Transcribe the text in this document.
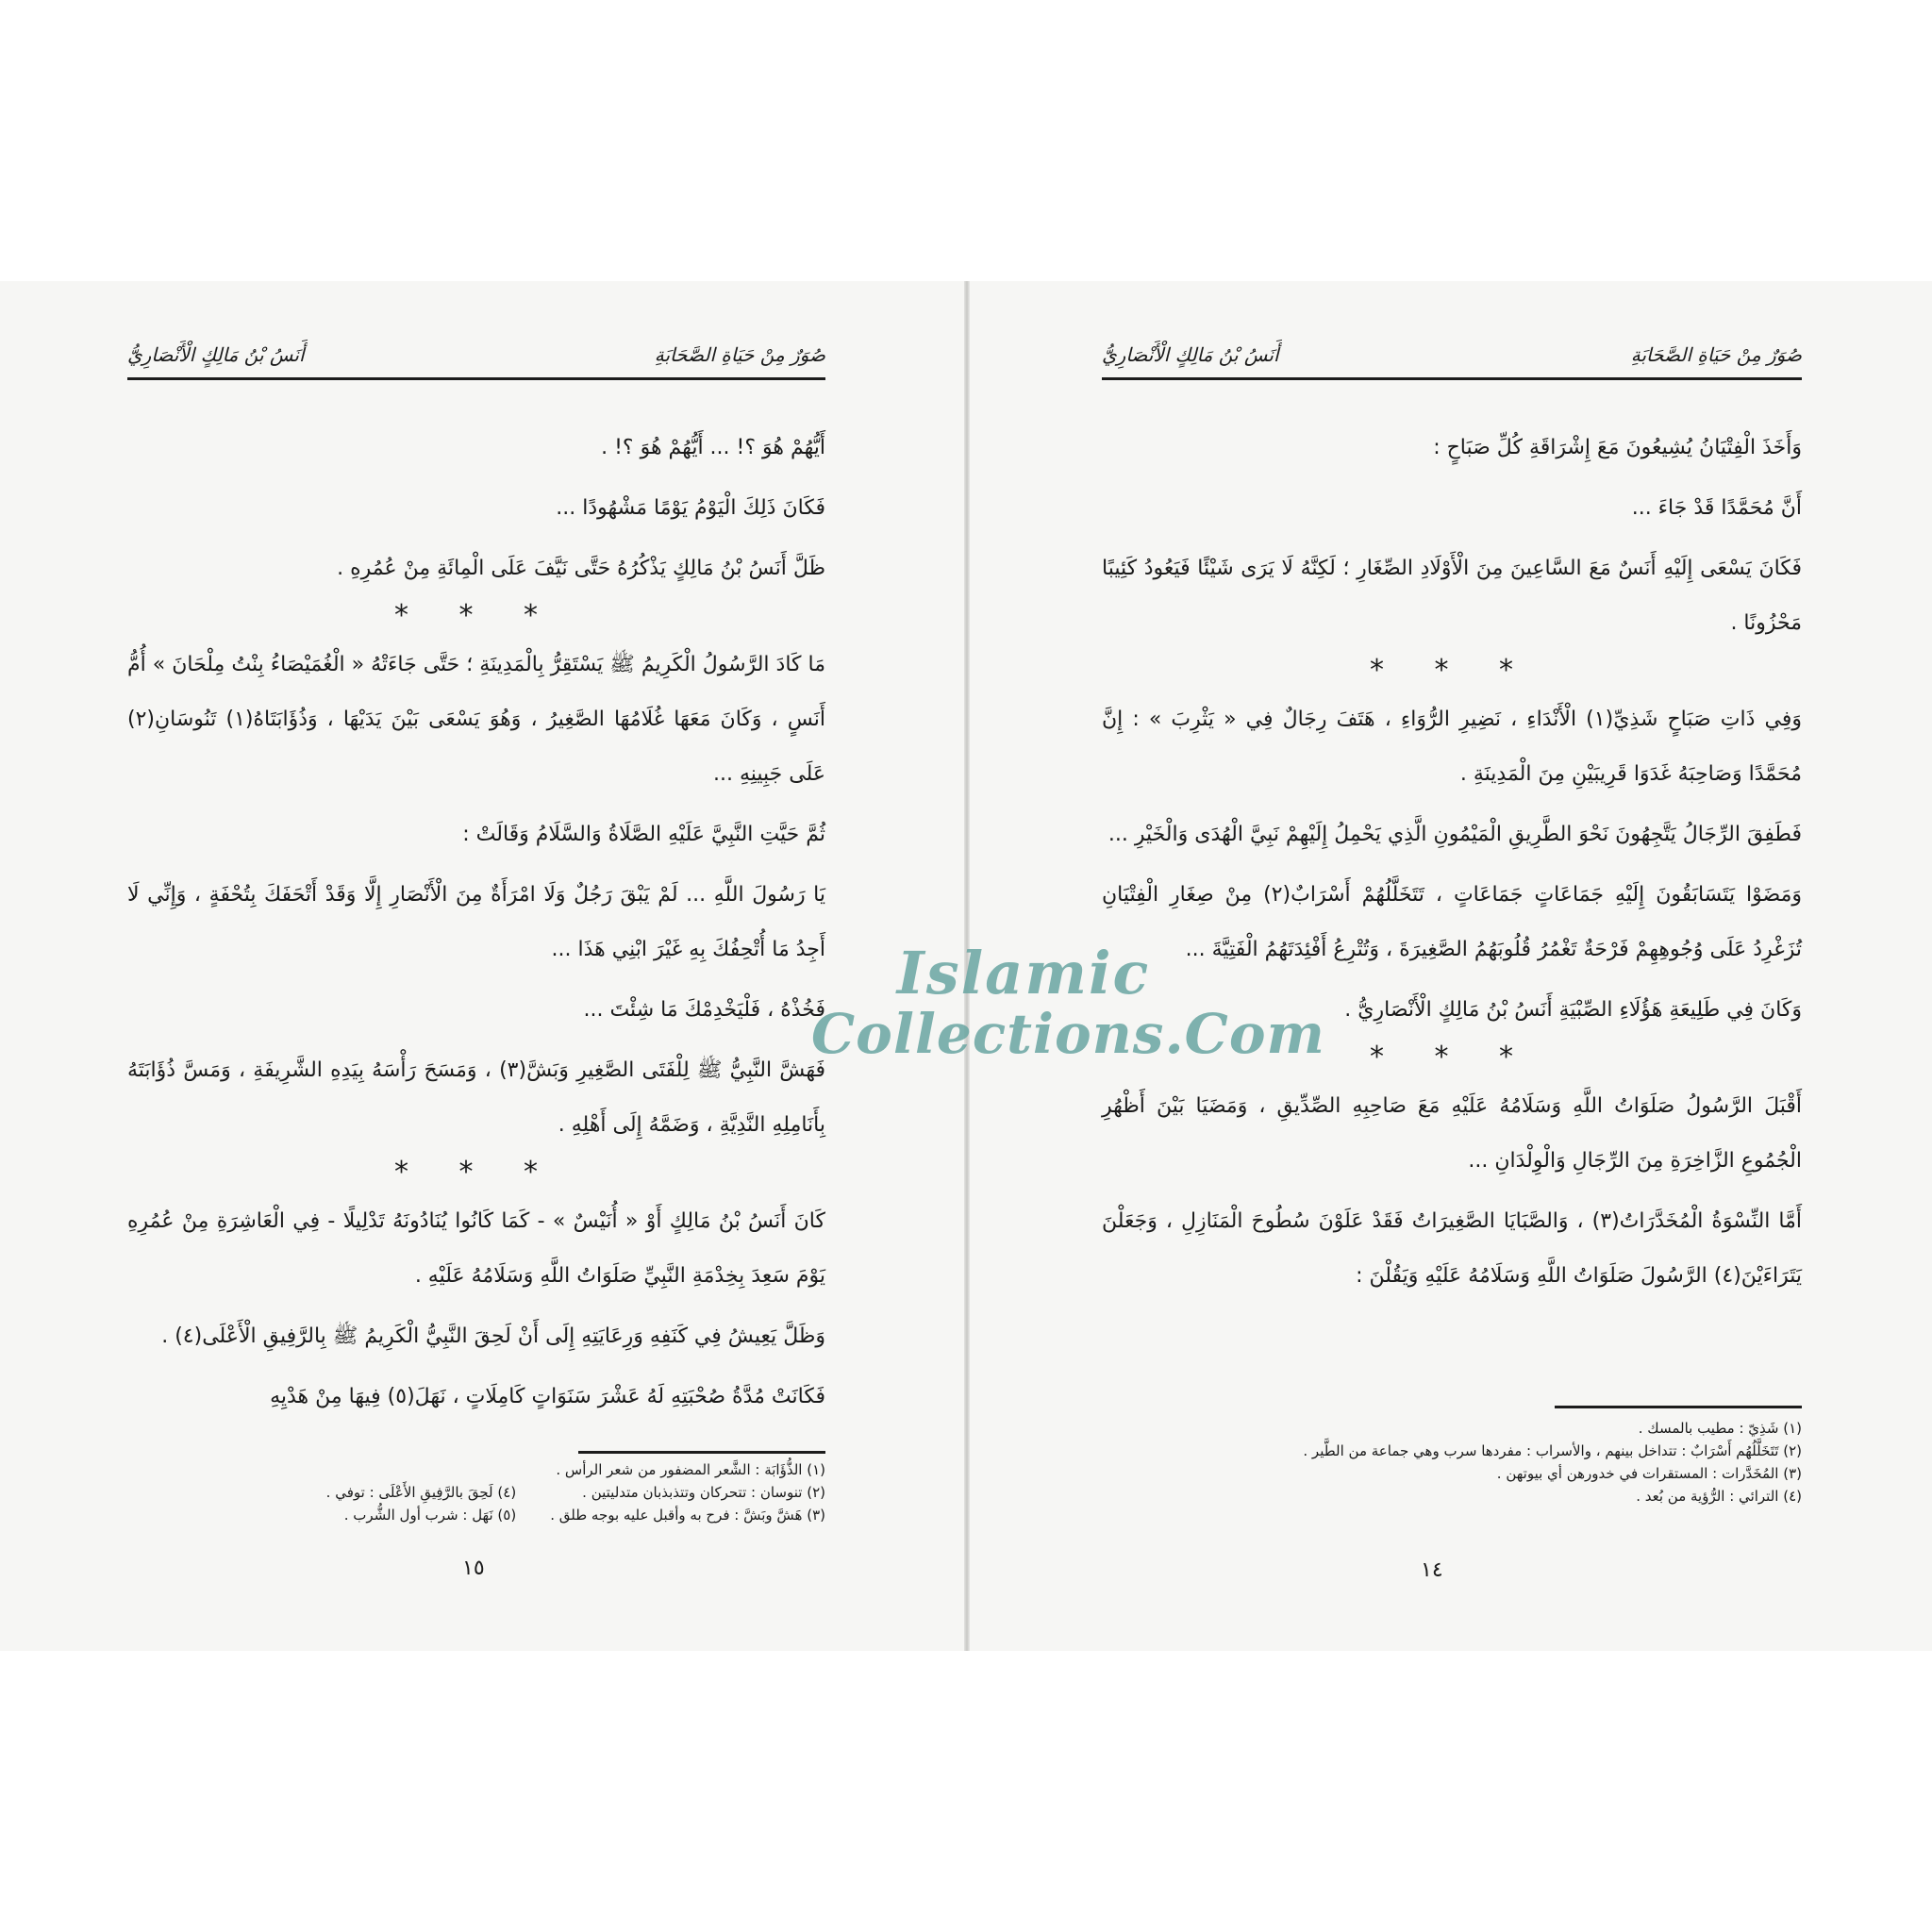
أَنَسُ بْنُ مَالِكٍ الْأَنْصَارِيُّ	صُوَرٌ مِنْ حَيَاةِ الصَّحَابَةِ

أَيُّهُمْ هُوَ ؟! ... أَيُّهُمْ هُوَ ؟! .

فَكَانَ ذَلِكَ الْيَوْمُ يَوْمًا مَشْهُودًا ...

ظَلَّ أَنَسُ بْنُ مَالِكٍ يَذْكُرُهُ حَتَّى نَيَّفَ عَلَى الْمِائَةِ مِنْ عُمُرِهِ .

* * *

مَا كَادَ الرَّسُولُ الْكَرِيمُ ﷺ يَسْتَقِرُّ بِالْمَدِينَةِ ؛ حَتَّى جَاءَتْهُ « الْغُمَيْصَاءُ بِنْتُ مِلْحَانَ » أُمُّ أَنَسٍ ، وَكَانَ مَعَهَا غُلَامُهَا الصَّغِيرُ ، وَهُوَ يَسْعَى بَيْنَ يَدَيْهَا ، وَذُؤَابَتَاهُ(١) تَنُوسَانِ(٢) عَلَى جَبِينِهِ ...

ثُمَّ حَيَّتِ النَّبِيَّ عَلَيْهِ الصَّلَاةُ وَالسَّلَامُ وَقَالَتْ :

يَا رَسُولَ اللَّهِ ... لَمْ يَبْقَ رَجُلٌ وَلَا امْرَأَةٌ مِنَ الْأَنْصَارِ إِلَّا وَقَدْ أَتْحَفَكَ بِتُحْفَةٍ ، وَإِنِّي لَا أَجِدُ مَا أُتْحِفُكَ بِهِ غَيْرَ ابْنِي هَذَا ...

فَخُذْهُ ، فَلْيَخْدِمْكَ مَا شِئْتَ ...

فَهَشَّ النَّبِيُّ ﷺ لِلْفَتَى الصَّغِيرِ وَبَشَّ(٣) ، وَمَسَحَ رَأْسَهُ بِيَدِهِ الشَّرِيفَةِ ، وَمَسَّ ذُؤَابَتَهُ بِأَنَامِلِهِ النَّدِيَّةِ ، وَضَمَّهُ إِلَى أَهْلِهِ .

* * *

كَانَ أَنَسُ بْنُ مَالِكٍ أَوْ « أُنَيْسٌ » - كَمَا كَانُوا يُنَادُونَهُ تَدْلِيلًا - فِي الْعَاشِرَةِ مِنْ عُمُرِهِ يَوْمَ سَعِدَ بِخِدْمَةِ النَّبِيِّ صَلَوَاتُ اللَّهِ وَسَلَامُهُ عَلَيْهِ .

وَظَلَّ يَعِيشُ فِي كَنَفِهِ وَرِعَايَتِهِ إِلَى أَنْ لَحِقَ النَّبِيُّ الْكَرِيمُ ﷺ بِالرَّفِيقِ الْأَعْلَى(٤) .

فَكَانَتْ مُدَّةُ صُحْبَتِهِ لَهُ عَشْرَ سَنَوَاتٍ كَامِلَاتٍ ، نَهَلَ(٥) فِيهَا مِنْ هَدْيِهِ

(١) الذُّؤَابَة : الشَّعر المضفور من شعر الرأس .
(٢) تنوسان : تتحركان وتتذبذبان متدليتين .
(٣) هَشَّ وبَشَّ : فرح به وأقبل عليه بوجه طلق .

(٤) لَحِقَ بالرَّفِيقِ الأَعْلَى : توفي .
(٥) نَهَل : شرب أول الشُّرب .
١٥
أَنَسُ بْنُ مَالِكٍ الْأَنْصَارِيُّ	صُوَرٌ مِنْ حَيَاةِ الصَّحَابَةِ

وَأَخَذَ الْفِتْيَانُ يُشِيعُونَ مَعَ إِشْرَاقَةِ كُلِّ صَبَاحٍ :

أَنَّ مُحَمَّدًا قَدْ جَاءَ ...

فَكَانَ يَسْعَى إِلَيْهِ أَنَسٌ مَعَ السَّاعِينَ مِنَ الْأَوْلَادِ الصِّغَارِ ؛ لَكِنَّهُ لَا يَرَى شَيْئًا فَيَعُودُ كَئِيبًا مَحْزُونًا .

* * *

وَفِي ذَاتِ صَبَاحٍ شَذِيِّ(١) الْأَنْدَاءِ ، نَضِيرِ الرُّوَاءِ ، هَتَفَ رِجَالٌ فِي « يَثْرِبَ » : إِنَّ مُحَمَّدًا وَصَاحِبَهُ غَدَوَا قَرِيبَيْنِ مِنَ الْمَدِينَةِ .

فَطَفِقَ الرِّجَالُ يَتَّجِهُونَ نَحْوَ الطَّرِيقِ الْمَيْمُونِ الَّذِي يَحْمِلُ إِلَيْهِمْ نَبِيَّ الْهُدَى وَالْخَيْرِ ...

وَمَضَوْا يَتَسَابَقُونَ إِلَيْهِ جَمَاعَاتٍ جَمَاعَاتٍ ، تَتَخَلَّلُهُمْ أَسْرَابٌ(٢) مِنْ صِغَارِ الْفِتْيَانِ تُزَغْرِدُ عَلَى وُجُوهِهِمْ فَرْحَةٌ تَغْمُرُ قُلُوبَهُمُ الصَّغِيرَةَ ، وَتُتْرِعُ أَفْئِدَتَهُمُ الْفَتِيَّةَ ...

وَكَانَ فِي طَلِيعَةِ هَؤُلَاءِ الصِّبْيَةِ أَنَسُ بْنُ مَالِكٍ الْأَنْصَارِيُّ .

* * *

أَقْبَلَ الرَّسُولُ صَلَوَاتُ اللَّهِ وَسَلَامُهُ عَلَيْهِ مَعَ صَاحِبِهِ الصِّدِّيقِ ، وَمَضَيَا بَيْنَ أَظْهُرِ الْجُمُوعِ الزَّاخِرَةِ مِنَ الرِّجَالِ وَالْوِلْدَانِ ...

أَمَّا النِّسْوَةُ الْمُخَدَّرَاتُ(٣) ، وَالصَّبَايَا الصَّغِيرَاتُ فَقَدْ عَلَوْنَ سُطُوحَ الْمَنَازِلِ ، وَجَعَلْنَ يَتَرَاءَيْنَ(٤) الرَّسُولَ صَلَوَاتُ اللَّهِ وَسَلَامُهُ عَلَيْهِ وَيَقُلْنَ :

(١) شَذِيّ : مطيب بالمسك .
(٢) تَتَخَلَّلُهُم أَسْرَابٌ : تتداخل بينهم ، والأسراب : مفردها سرب وهي جماعة من الطَّير .
(٣) المُخَدَّرات : المستقرات في خدورهن أي بيوتهن .
(٤) الترائي : الرُّؤية من بُعد .
١٤
Islamic
Collections.Com
